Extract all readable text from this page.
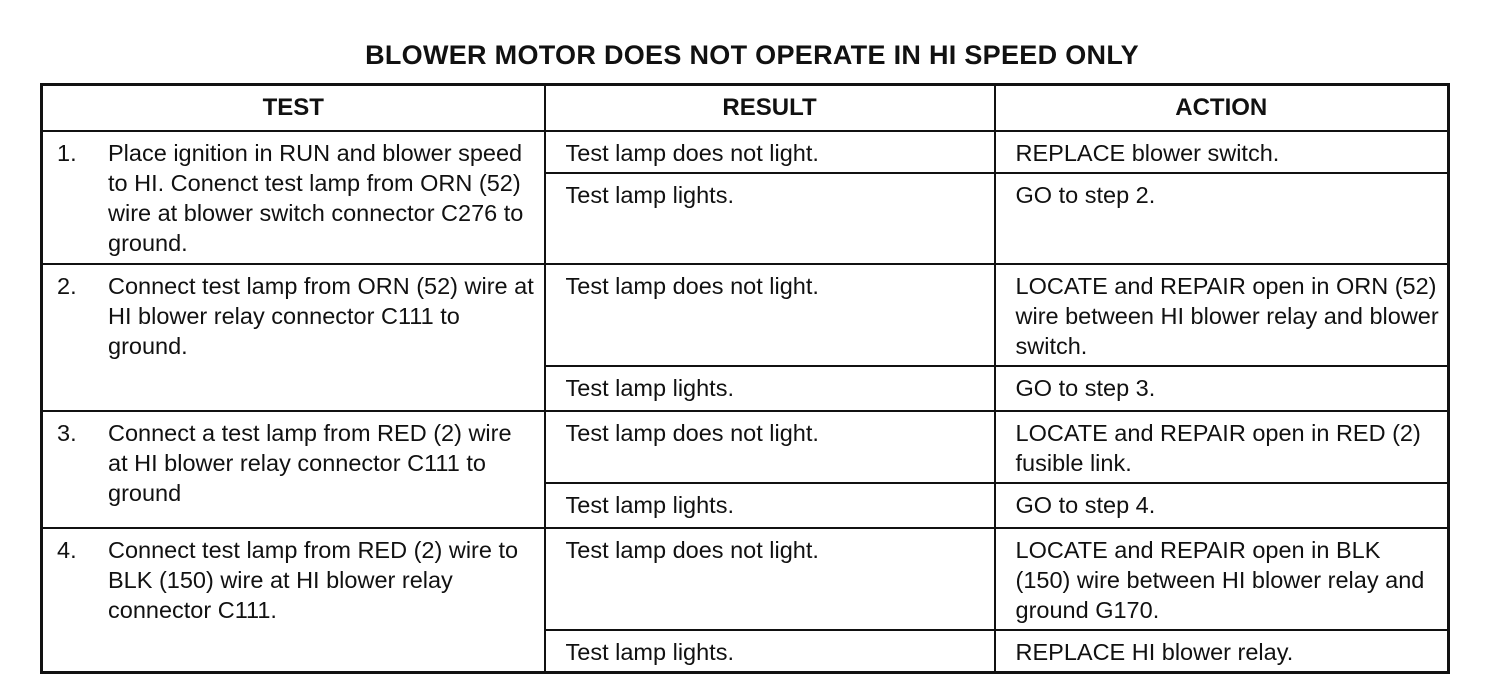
BLOWER MOTOR DOES NOT OPERATE IN HI SPEED ONLY
TEST	RESULT	ACTION

1. Place ignition in RUN and blower speed to HI. Conenct test lamp from ORN (52) wire at blower switch connector C276 to ground.	Test lamp does not light.	REPLACE blower switch.
	Test lamp lights.	GO to step 2.

2. Connect test lamp from ORN (52) wire at HI blower relay connector C111 to ground.	Test lamp does not light.	LOCATE and REPAIR open in ORN (52) wire between HI blower relay and blower switch.
	Test lamp lights.	GO to step 3.

3. Connect a test lamp from RED (2) wire at HI blower relay connector C111 to ground	Test lamp does not light.	LOCATE and REPAIR open in RED (2) fusible link.
	Test lamp lights.	GO to step 4.

4. Connect test lamp from RED (2) wire to BLK (150) wire at HI blower relay connector C111.	Test lamp does not light.	LOCATE and REPAIR open in BLK (150) wire between HI blower relay and ground G170.
	Test lamp lights.	REPLACE HI blower relay.
